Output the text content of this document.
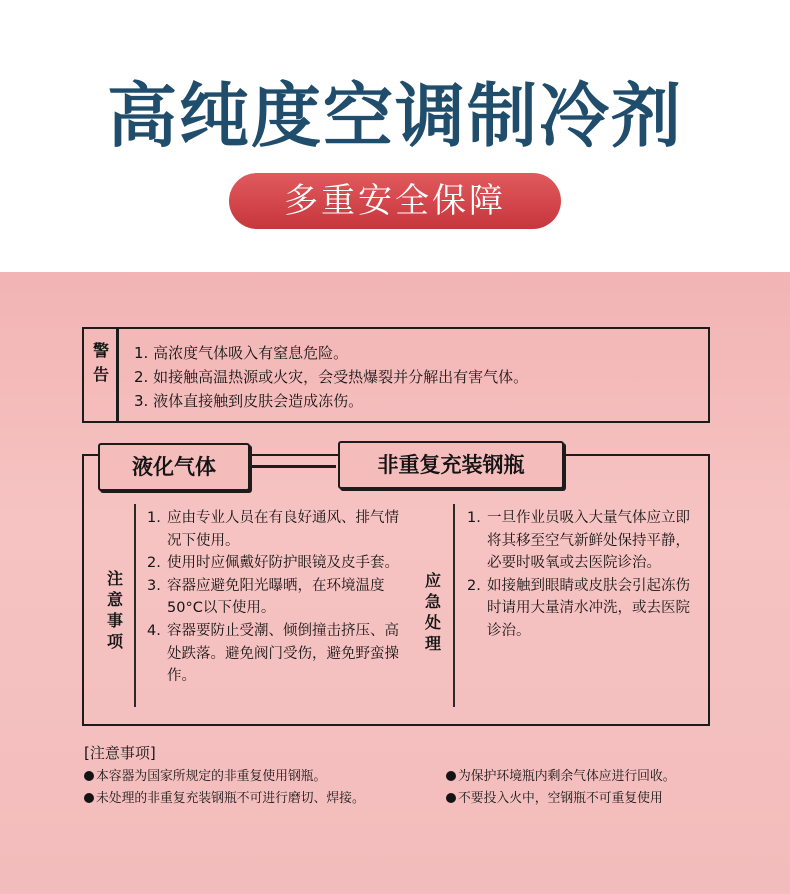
高纯度空调制冷剂
多重安全保障
警
告
1. 高浓度气体吸入有窒息危险。
2. 如接触高温热源或火灾，会受热爆裂并分解出有害气体。
3. 液体直接触到皮肤会造成冻伤。
液化气体	非重复充装钢瓶
注
意
事
项
1. 应由专业人员在有良好通风、排气情况下使用。
2. 使用时应佩戴好防护眼镜及皮手套。
3. 容器应避免阳光曝晒，在环境温度50°C以下使用。
4. 容器要防止受潮、倾倒撞击挤压、高处跌落。避免阀门受伤，避免野蛮操作。
应
急
处
理
1. 一旦作业员吸入大量气体应立即将其移至空气新鲜处保持平静，必要时吸氧或去医院诊治。
2. 如接触到眼睛或皮肤会引起冻伤时请用大量清水冲洗，或去医院诊治。
[注意事项]
本容器为国家所规定的非重复使用钢瓶。
未处理的非重复充装钢瓶不可进行磨切、焊接。
为保护环境瓶内剩余气体应进行回收。
不要投入火中，空钢瓶不可重复使用
